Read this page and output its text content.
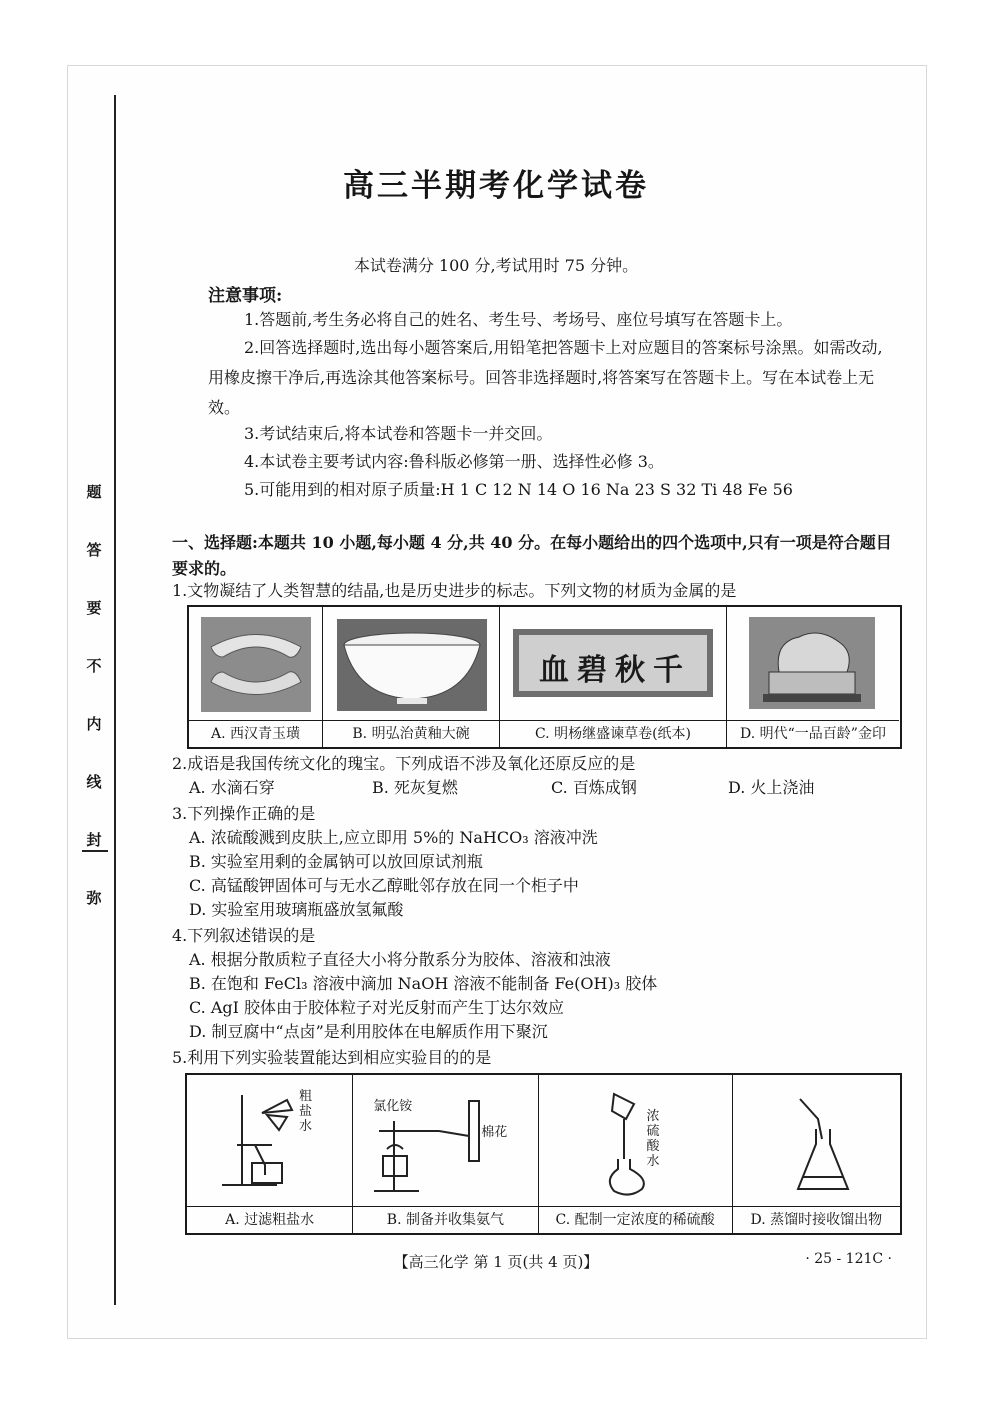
题
答
要
不
内
线
封
弥
高三半期考化学试卷
本试卷满分 100 分,考试用时 75 分钟。
注意事项:
1.答题前,考生务必将自己的姓名、考生号、考场号、座位号填写在答题卡上。
2.回答选择题时,选出每小题答案后,用铅笔把答题卡上对应题目的答案标号涂黑。如需改动,用橡皮擦干净后,再选涂其他答案标号。回答非选择题时,将答案写在答题卡上。写在本试卷上无效。
3.考试结束后,将本试卷和答题卡一并交回。
4.本试卷主要考试内容:鲁科版必修第一册、选择性必修 3。
5.可能用到的相对原子质量:H 1 C 12 N 14 O 16 Na 23 S 32 Ti 48 Fe 56
一、选择题:本题共 10 小题,每小题 4 分,共 40 分。在每小题给出的四个选项中,只有一项是符合题目要求的。
1.文物凝结了人类智慧的结晶,也是历史进步的标志。下列文物的材质为金属的是
A. 西汉青玉璜	B. 明弘治黄釉大碗
千秋碧血
C. 明杨继盛谏草卷(纸本)	D. 明代“一品百龄”金印
2.成语是我国传统文化的瑰宝。下列成语不涉及氧化还原反应的是
A. 水滴石穿	B. 死灰复燃	C. 百炼成钢	D. 火上浇油
3.下列操作正确的是
A. 浓硫酸溅到皮肤上,应立即用 5%的 NaHCO₃ 溶液冲洗
B. 实验室用剩的金属钠可以放回原试剂瓶
C. 高锰酸钾固体可与无水乙醇毗邻存放在同一个柜子中
D. 实验室用玻璃瓶盛放氢氟酸
4.下列叙述错误的是
A. 根据分散质粒子直径大小将分散系分为胶体、溶液和浊液
B. 在饱和 FeCl₃ 溶液中滴加 NaOH 溶液不能制备 Fe(OH)₃ 胶体
C. AgI 胶体由于胶体粒子对光反射而产生丁达尔效应
D. 制豆腐中“点卤”是利用胶体在电解质作用下聚沉
5.利用下列实验装置能达到相应实验目的的是
粗 盐 水
A. 过滤粗盐水
氯化铵
棉花
B. 制备并收集氨气
浓 硫 酸 水
C. 配制一定浓度的稀硫酸	D. 蒸馏时接收馏出物
【高三化学 第 1 页(共 4 页)】	· 25 - 121C ·
